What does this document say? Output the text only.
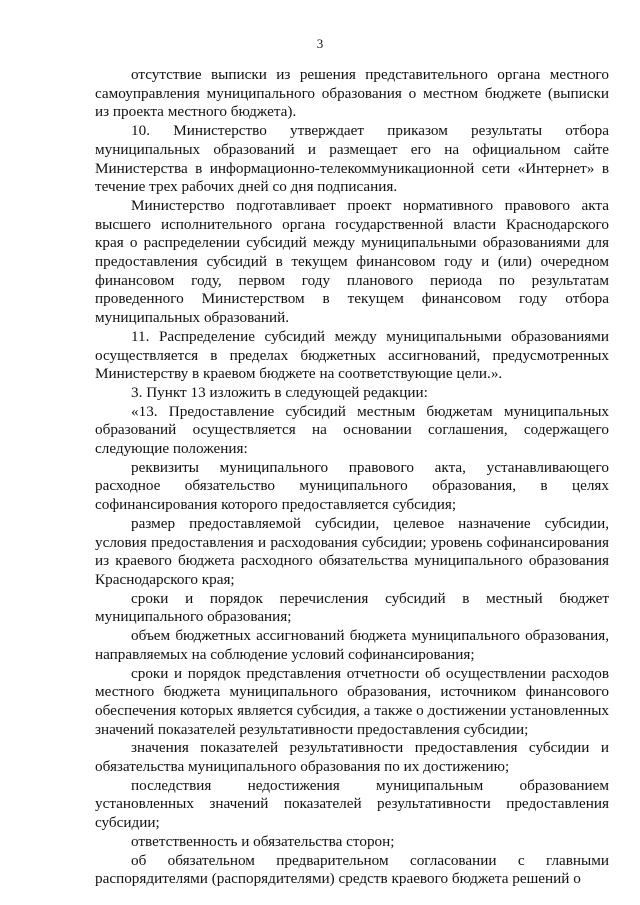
3

отсутствие выписки из решения представительного органа местного самоуправления муниципального образования о местном бюджете (выписки из проекта местного бюджета).

10. Министерство утверждает приказом результаты отбора муниципальных образований и размещает его на официальном сайте Министерства в информационно-телекоммуникационной сети «Интернет» в течение трех рабочих дней со дня подписания.

Министерство подготавливает проект нормативного правового акта высшего исполнительного органа государственной власти Краснодарского края о распределении субсидий между муниципальными образованиями для предоставления субсидий в текущем финансовом году и (или) очередном финансовом году, первом году планового периода по результатам проведенного Министерством в текущем финансовом году отбора муниципальных образований.

11. Распределение субсидий между муниципальными образованиями осуществляется в пределах бюджетных ассигнований, предусмотренных Министерству в краевом бюджете на соответствующие цели.».

3. Пункт 13 изложить в следующей редакции:

«13. Предоставление субсидий местным бюджетам муниципальных образований осуществляется на основании соглашения, содержащего следующие положения:

реквизиты муниципального правового акта, устанавливающего расходное обязательство муниципального образования, в целях софинансирования которого предоставляется субсидия;

размер предоставляемой субсидии, целевое назначение субсидии, условия предоставления и расходования субсидии; уровень софинансирования из краевого бюджета расходного обязательства муниципального образования Краснодарского края;

сроки и порядок перечисления субсидий в местный бюджет муниципального образования;

объем бюджетных ассигнований бюджета муниципального образования, направляемых на соблюдение условий софинансирования;

сроки и порядок представления отчетности об осуществлении расходов местного бюджета муниципального образования, источником финансового обеспечения которых является субсидия, а также о достижении установленных значений показателей результативности предоставления субсидии;

значения показателей результативности предоставления субсидии и обязательства муниципального образования по их достижению;

последствия недостижения муниципальным образованием установленных значений показателей результативности предоставления субсидии;

ответственность и обязательства сторон;

об обязательном предварительном согласовании с главными распорядителями (распорядителями) средств краевого бюджета решений о
